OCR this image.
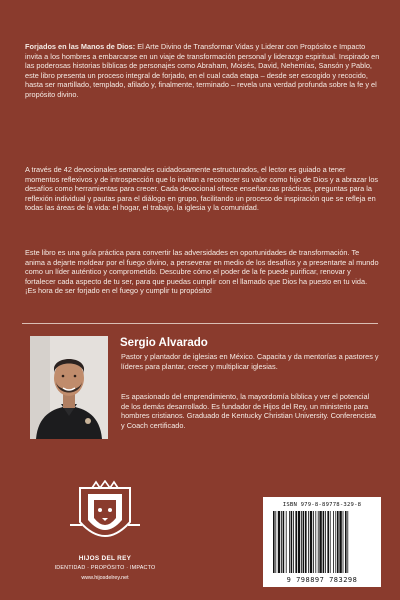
Forjados en las Manos de Dios: El Arte Divino de Transformar Vidas y Liderar con Propósito e Impacto invita a los hombres a embarcarse en un viaje de transformación personal y liderazgo espiritual. Inspirado en las poderosas historias bíblicas de personajes como Abraham, Moisés, David, Nehemías, Sansón y Pablo, este libro presenta un proceso integral de forjado, en el cual cada etapa – desde ser escogido y recocido, hasta ser martillado, templado, afilado y, finalmente, terminado – revela una verdad profunda sobre la fe y el propósito divino.

A través de 42 devocionales semanales cuidadosamente estructurados, el lector es guiado a tener momentos reflexivos y de introspección que lo invitan a reconocer su valor como hijo de Dios y a abrazar los desafíos como herramientas para crecer. Cada devocional ofrece enseñanzas prácticas, preguntas para la reflexión individual y pautas para el diálogo en grupo, facilitando un proceso de inspiración que se refleja en todas las áreas de la vida: el hogar, el trabajo, la iglesia y la comunidad.

Este libro es una guía práctica para convertir las adversidades en oportunidades de transformación. Te anima a dejarte moldear por el fuego divino, a perseverar en medio de los desafíos y a presentarte al mundo como un líder auténtico y comprometido. Descubre cómo el poder de la fe puede purificar, renovar y fortalecer cada aspecto de tu ser, para que puedas cumplir con el llamado que Dios ha puesto en tu vida. ¡Es hora de ser forjado en el fuego y cumplir tu propósito!

Sergio Alvarado

Pastor y plantador de iglesias en México. Capacita y da mentorías a pastores y líderes para plantar, crecer y multiplicar iglesias.

Es apasionado del emprendimiento, la mayordomía bíblica y ver el potencial de los demás desarrollado. Es fundador de Hijos del Rey, un ministerio para hombres cristianos. Graduado de Kentucky Christian University. Conferencista y Coach certificado.

HIJOS DEL REY
IDENTIDAD · PROPÓSITO · IMPACTO
www.hijosdelrey.net
ISBN 979-8-89778-329-8
9 798897 783298
